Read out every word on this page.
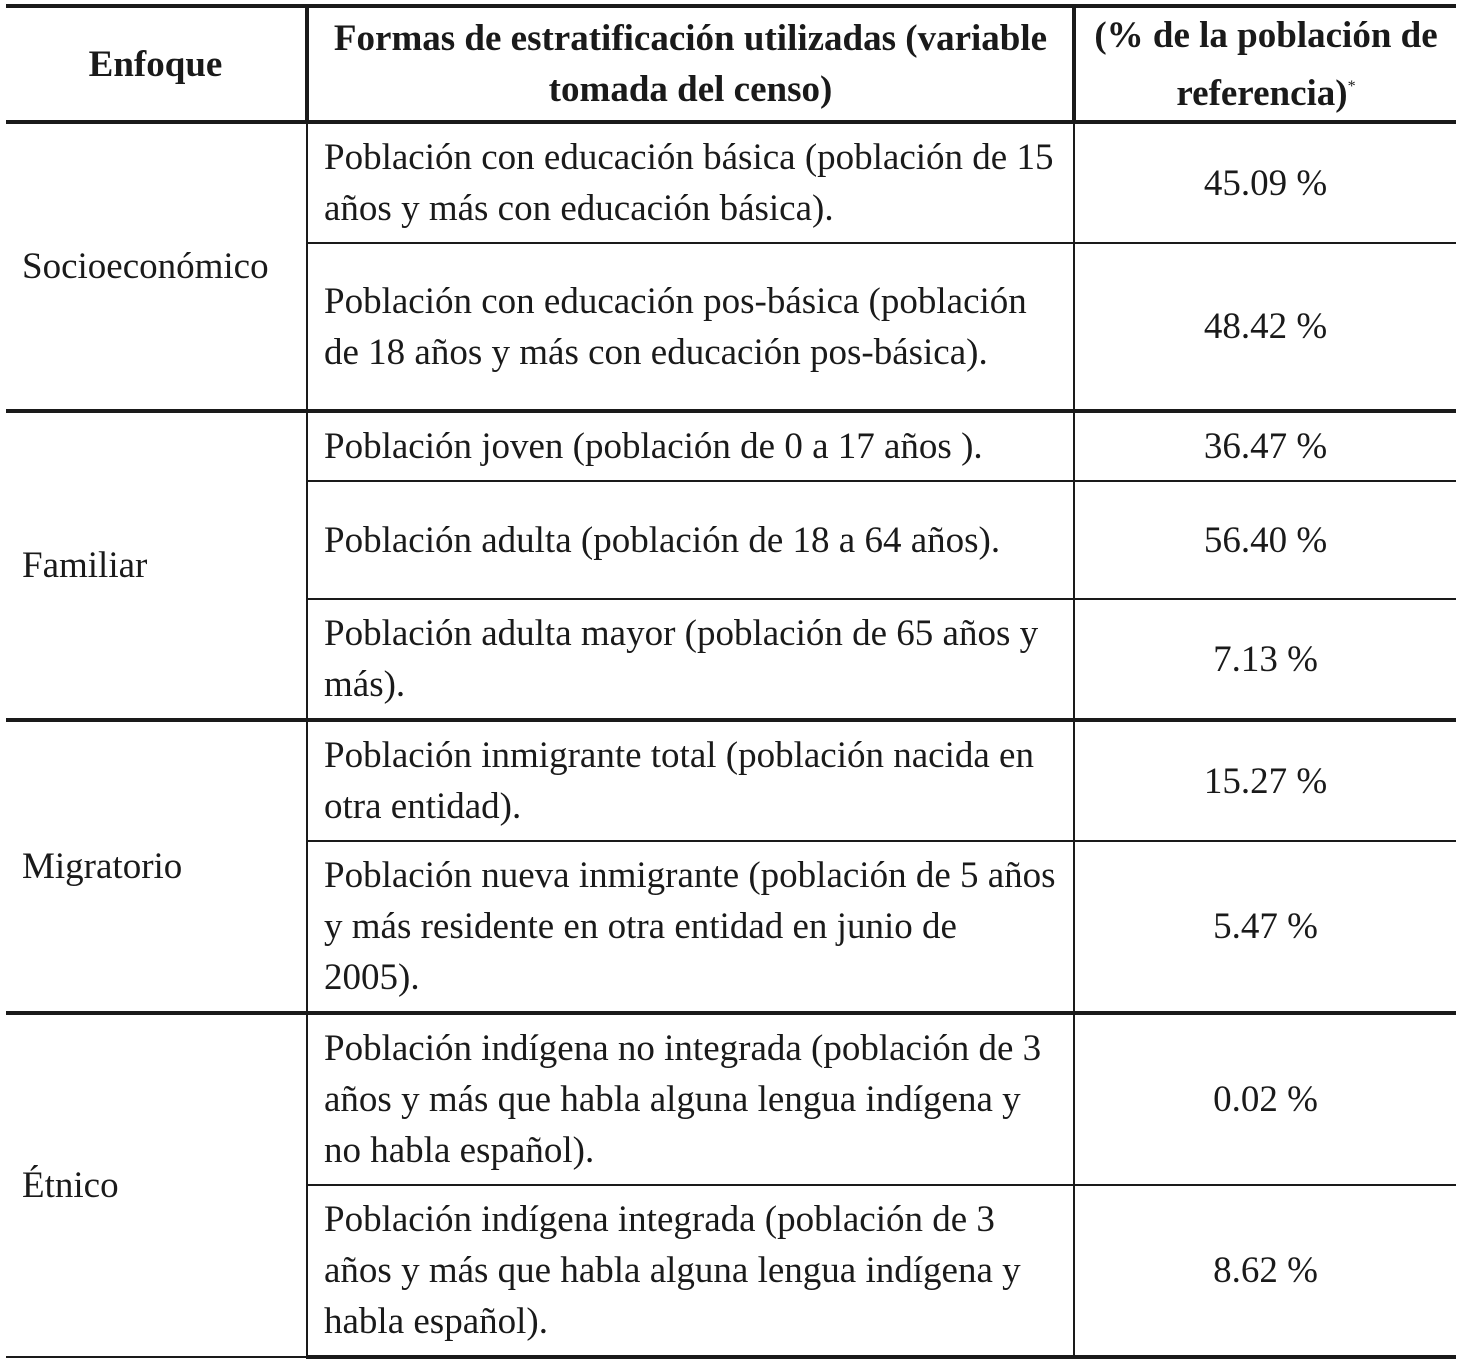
Enfoque	Formas de estratificación utilizadas (variable tomada del censo)	(% de la población de referencia)*
Socioeconómico	Población con educación básica (población de 15 años y más con educación básica).	45.09 %
	Población con educación pos-básica (población de 18 años y más con educación pos-básica).	48.42 %
Familiar	Población joven (población de 0 a 17 años ).	36.47 %
	Población adulta (población de 18 a 64 años).	56.40 %
	Población adulta mayor (población de 65 años y más).	7.13 %
Migratorio	Población inmigrante total (población nacida en otra entidad).	15.27 %
	Población nueva inmigrante (población de 5 años y más residente en otra entidad en junio de 2005).	5.47 %
Étnico	Población indígena no integrada (población de 3 años y más que habla alguna lengua indígena y no habla español).	0.02 %
	Población indígena integrada (población de 3 años y más que habla alguna lengua indígena y habla español).	8.62 %
